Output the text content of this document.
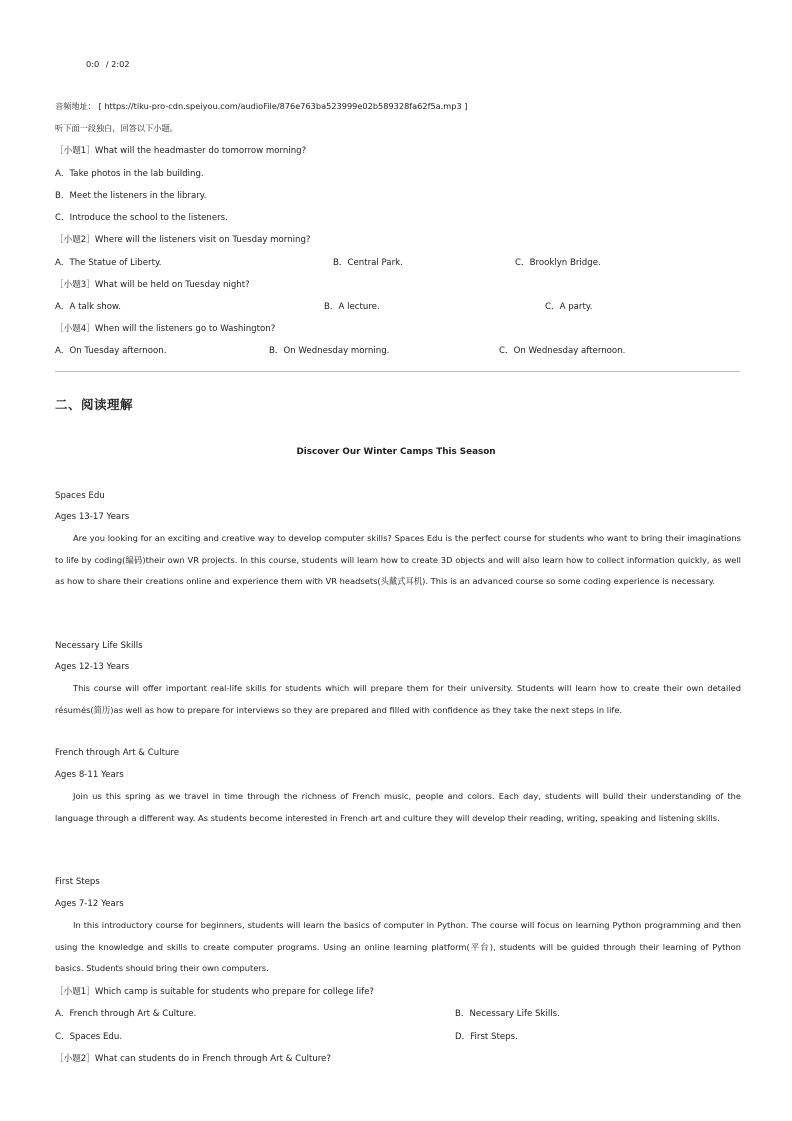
0:0 / 2:02
音频地址： [ https://tiku-pro-cdn.speiyou.com/audioFile/876e763ba523999e02b589328fa62f5a.mp3 ]
听下面一段独白，回答以下小题。
［小题1］What will the headmaster do tomorrow morning?
A．Take photos in the lab building.
B．Meet the listeners in the library.
C．Introduce the school to the listeners.
［小题2］Where will the listeners visit on Tuesday morning?
A．The Statue of Liberty.	B．Central Park.	C．Brooklyn Bridge.
［小题3］What will be held on Tuesday night?
A．A talk show.	B．A lecture.	C．A party.
［小题4］When will the listeners go to Washington?
A．On Tuesday afternoon.	B．On Wednesday morning.	C．On Wednesday afternoon.
二、阅读理解
Discover Our Winter Camps This Season
Spaces Edu
Ages 13-17 Years
Are you looking for an exciting and creative way to develop computer skills? Spaces Edu is the perfect course for students who want to bring their imaginations to life by coding(编码)their own VR projects. In this course, students will learn how to create 3D objects and will also learn how to collect information quickly, as well as how to share their creations online and experience them with VR headsets(头戴式耳机). This is an advanced course so some coding experience is necessary.
Necessary Life Skills
Ages 12-13 Years
This course will offer important real-life skills for students which will prepare them for their university. Students will learn how to create their own detailed résumés(简历)as well as how to prepare for interviews so they are prepared and filled with confidence as they take the next steps in life.
French through Art & Culture
Ages 8-11 Years
Join us this spring as we travel in time through the richness of French music, people and colors. Each day, students will build their understanding of the language through a different way. As students become interested in French art and culture they will develop their reading, writing, speaking and listening skills.
First Steps
Ages 7-12 Years
In this introductory course for beginners, students will learn the basics of computer in Python. The course will focus on learning Python programming and then using the knowledge and skills to create computer programs. Using an online learning platform(平台), students will be guided through their learning of Python basics. Students should bring their own computers.
［小题1］Which camp is suitable for students who prepare for college life?
A．French through Art & Culture.	B．Necessary Life Skills.
C．Spaces Edu.	D．First Steps.
［小题2］What can students do in French through Art & Culture?
